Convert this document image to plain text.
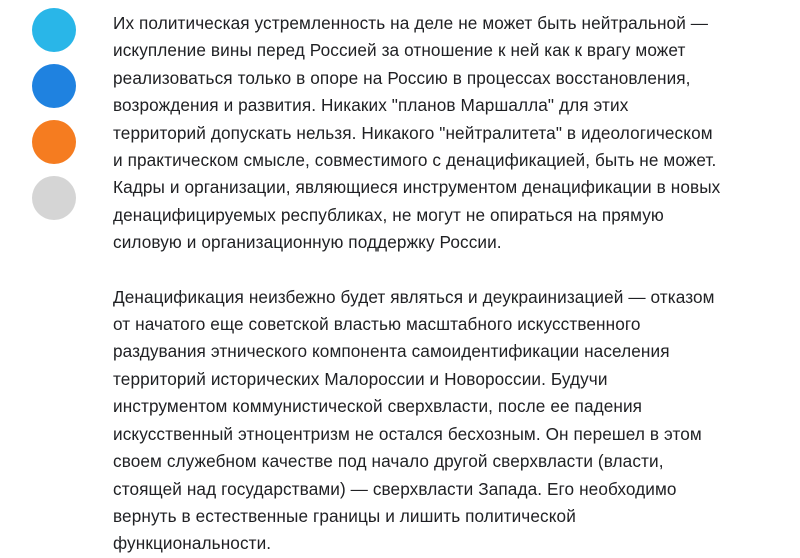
Их политическая устремленность на деле не может быть нейтральной — искупление вины перед Россией за отношение к ней как к врагу может реализоваться только в опоре на Россию в процессах восстановления, возрождения и развития. Никаких "планов Маршалла" для этих территорий допускать нельзя. Никакого "нейтралитета" в идеологическом и практическом смысле, совместимого с денацификацией, быть не может. Кадры и организации, являющиеся инструментом денацификации в новых денацифицируемых республиках, не могут не опираться на прямую силовую и организационную поддержку России.

Денацификация неизбежно будет являться и деукраинизацией — отказом от начатого еще советской властью масштабного искусственного раздувания этнического компонента самоидентификации населения территорий исторических Малороссии и Новороссии. Будучи инструментом коммунистической сверхвласти, после ее падения искусственный этноцентризм не остался бесхозным. Он перешел в этом своем служебном качестве под начало другой сверхвласти (власти, стоящей над государствами) — сверхвласти Запада. Его необходимо вернуть в естественные границы и лишить политической функциональности.
